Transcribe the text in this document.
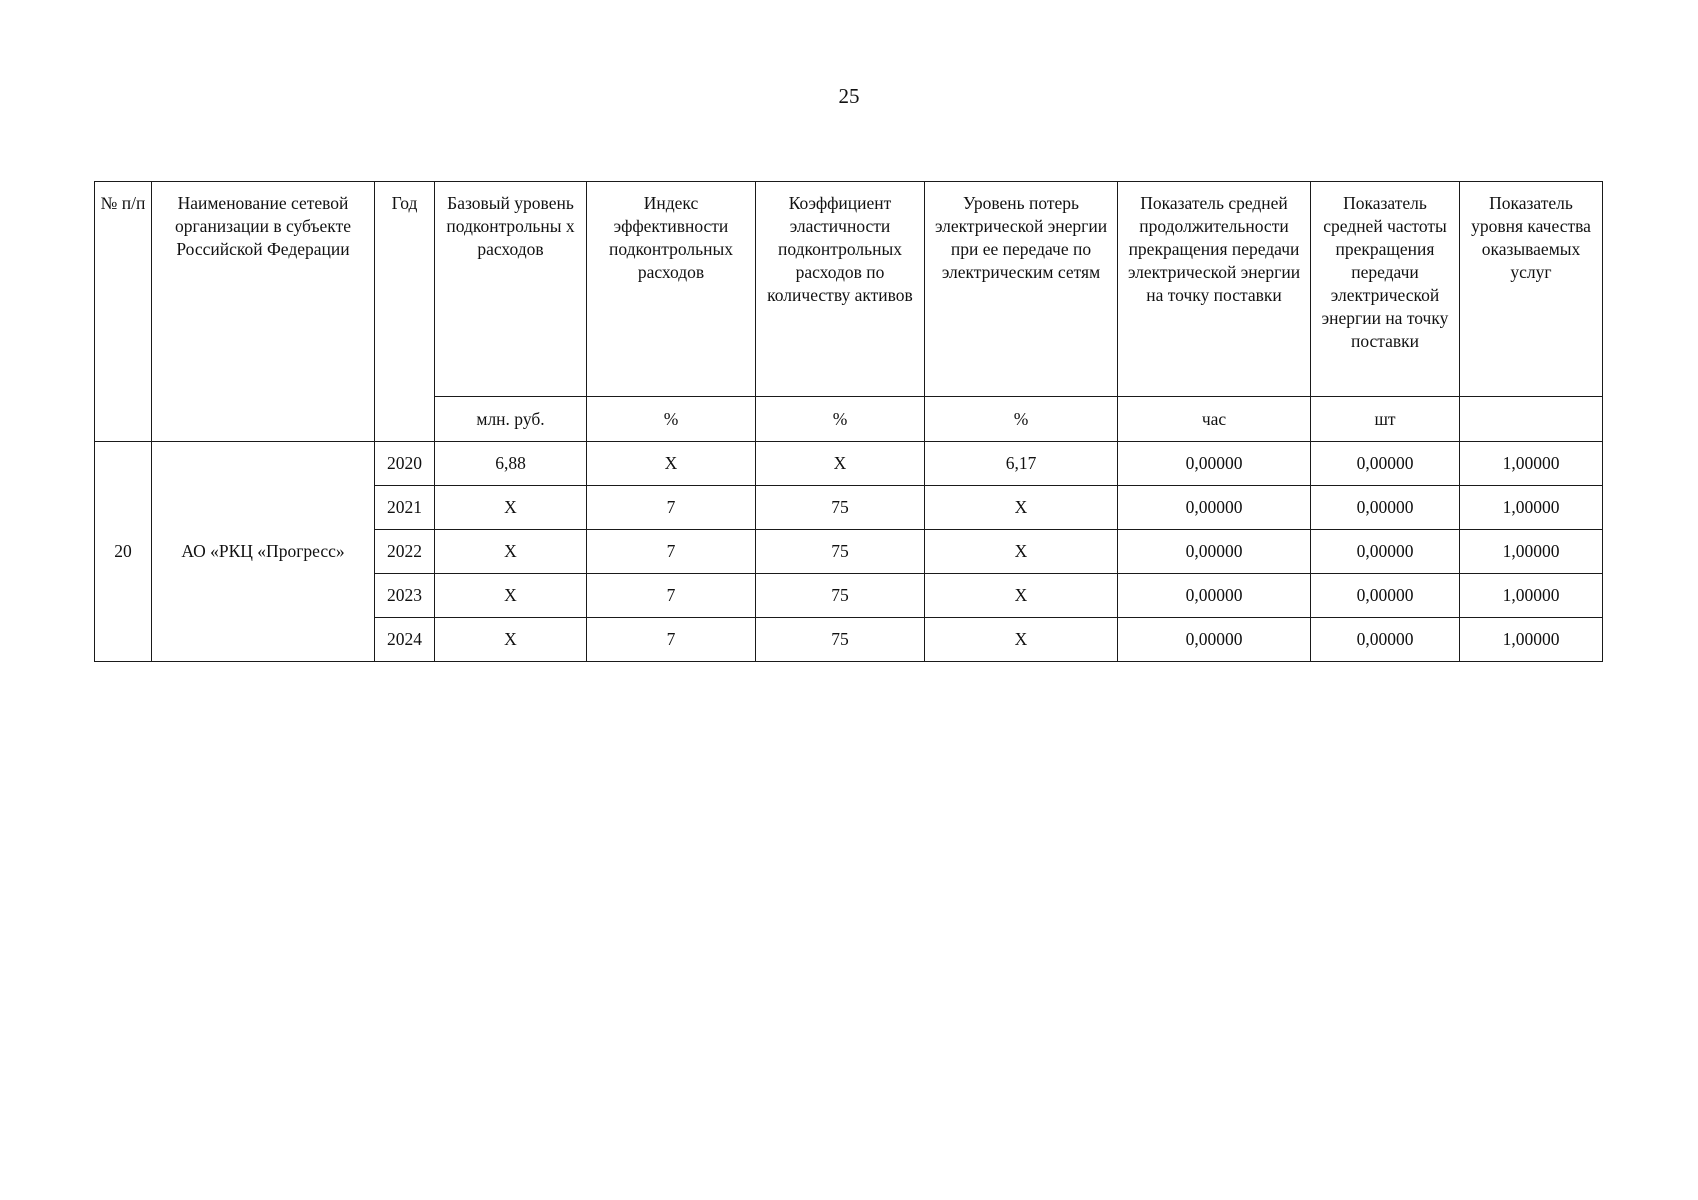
25
№ п/п	Наименование сетевой организации в субъекте Российской Федерации	Год	Базовый уровень подконтрольны х расходов	Индекс эффективности подконтрольных расходов	Коэффициент эластичности подконтрольных расходов по количеству активов	Уровень потерь электрической энергии при ее передаче по электрическим сетям	Показатель средней продолжительности прекращения передачи электрической энергии на точку поставки	Показатель средней частоты прекращения передачи электрической энергии на точку поставки	Показатель уровня качества оказываемых услуг
			млн. руб.	%	%	%	час	шт	
20	АО «РКЦ «Прогресс»	2020	6,88	X	X	6,17	0,00000	0,00000	1,00000
		2021	X	7	75	X	0,00000	0,00000	1,00000
		2022	X	7	75	X	0,00000	0,00000	1,00000
		2023	X	7	75	X	0,00000	0,00000	1,00000
		2024	X	7	75	X	0,00000	0,00000	1,00000
